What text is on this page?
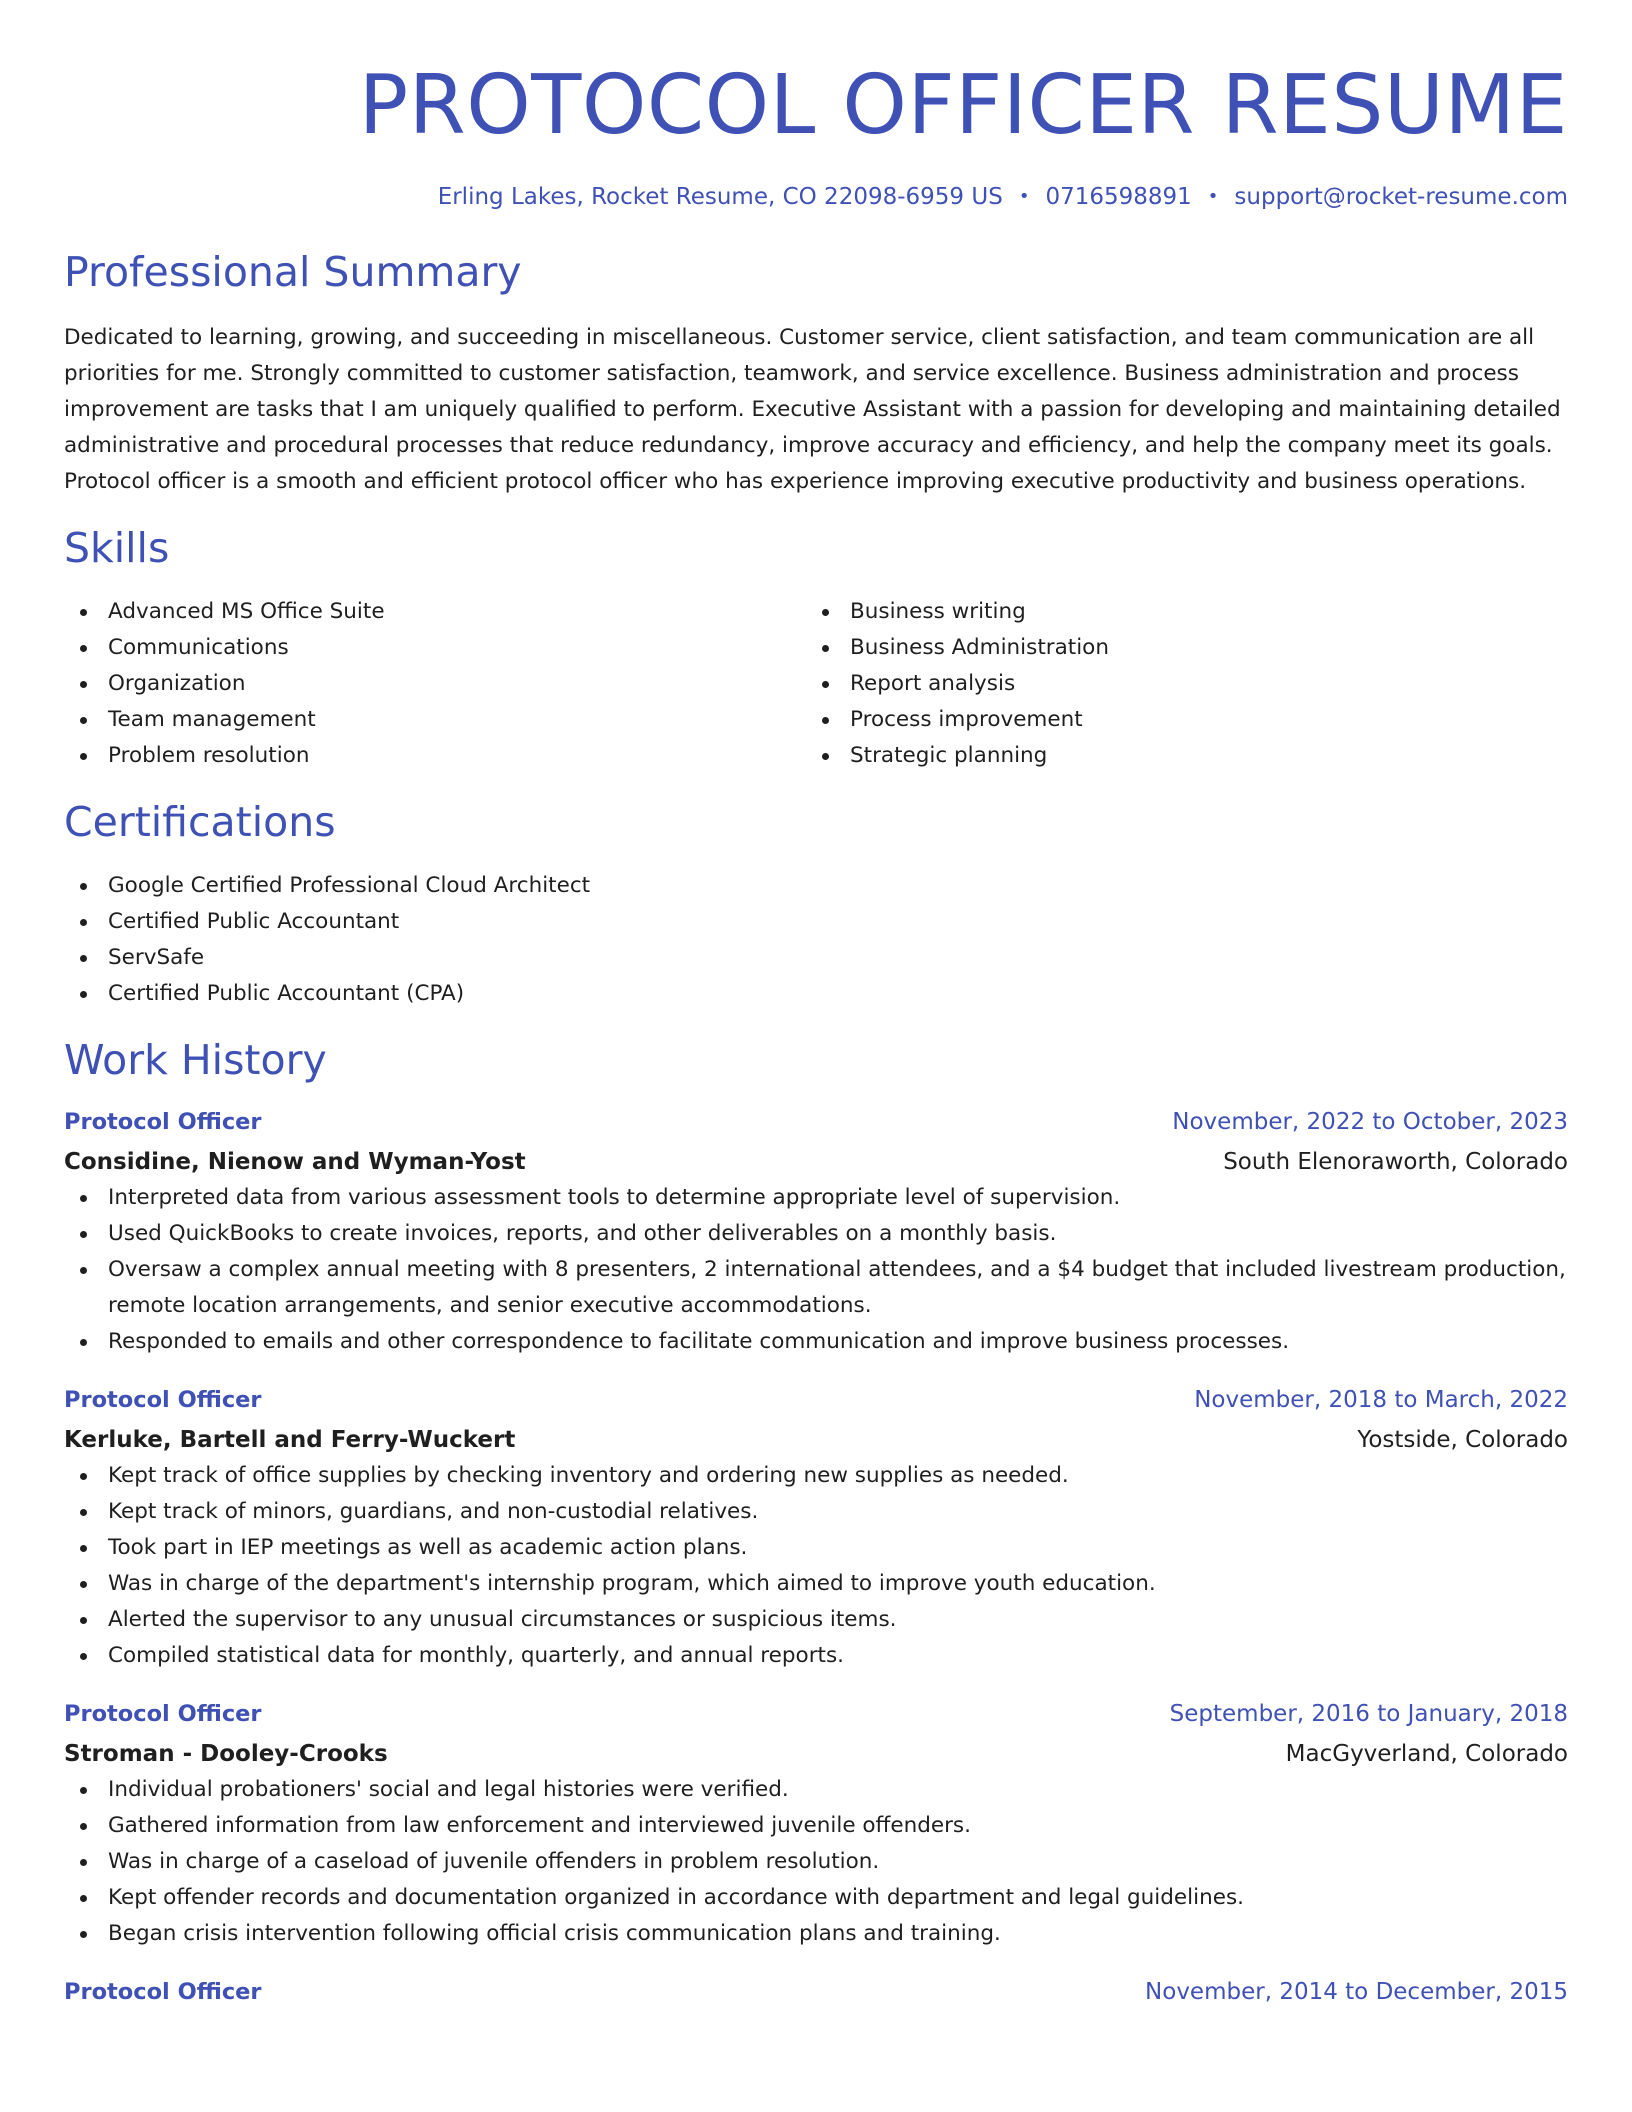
PROTOCOL OFFICER RESUME
Erling Lakes, Rocket Resume, CO 22098-6959 US • 0716598891 • support@rocket-resume.com
Professional Summary

Dedicated to learning, growing, and succeeding in miscellaneous. Customer service, client satisfaction, and team communication are all priorities for me. Strongly committed to customer satisfaction, teamwork, and service excellence. Business administration and process improvement are tasks that I am uniquely qualified to perform. Executive Assistant with a passion for developing and maintaining detailed administrative and procedural processes that reduce redundancy, improve accuracy and efficiency, and help the company meet its goals. Protocol officer is a smooth and efficient protocol officer who has experience improving executive productivity and business operations.

Skills
Advanced MS Office Suite
Communications
Organization
Team management
Problem resolution
Business writing
Business Administration
Report analysis
Process improvement
Strategic planning
Certifications
Google Certified Professional Cloud Architect
Certified Public Accountant
ServSafe
Certified Public Accountant (CPA)
Work History
Protocol Officer	November, 2022 to October, 2023
Considine, Nienow and Wyman-Yost	South Elenoraworth, Colorado
Interpreted data from various assessment tools to determine appropriate level of supervision.
Used QuickBooks to create invoices, reports, and other deliverables on a monthly basis.
Oversaw a complex annual meeting with 8 presenters, 2 international attendees, and a $4 budget that included livestream production, remote location arrangements, and senior executive accommodations.
Responded to emails and other correspondence to facilitate communication and improve business processes.
Protocol Officer	November, 2018 to March, 2022
Kerluke, Bartell and Ferry-Wuckert	Yostside, Colorado
Kept track of office supplies by checking inventory and ordering new supplies as needed.
Kept track of minors, guardians, and non-custodial relatives.
Took part in IEP meetings as well as academic action plans.
Was in charge of the department's internship program, which aimed to improve youth education.
Alerted the supervisor to any unusual circumstances or suspicious items.
Compiled statistical data for monthly, quarterly, and annual reports.
Protocol Officer	September, 2016 to January, 2018
Stroman - Dooley-Crooks	MacGyverland, Colorado
Individual probationers' social and legal histories were verified.
Gathered information from law enforcement and interviewed juvenile offenders.
Was in charge of a caseload of juvenile offenders in problem resolution.
Kept offender records and documentation organized in accordance with department and legal guidelines.
Began crisis intervention following official crisis communication plans and training.
Protocol Officer	November, 2014 to December, 2015
